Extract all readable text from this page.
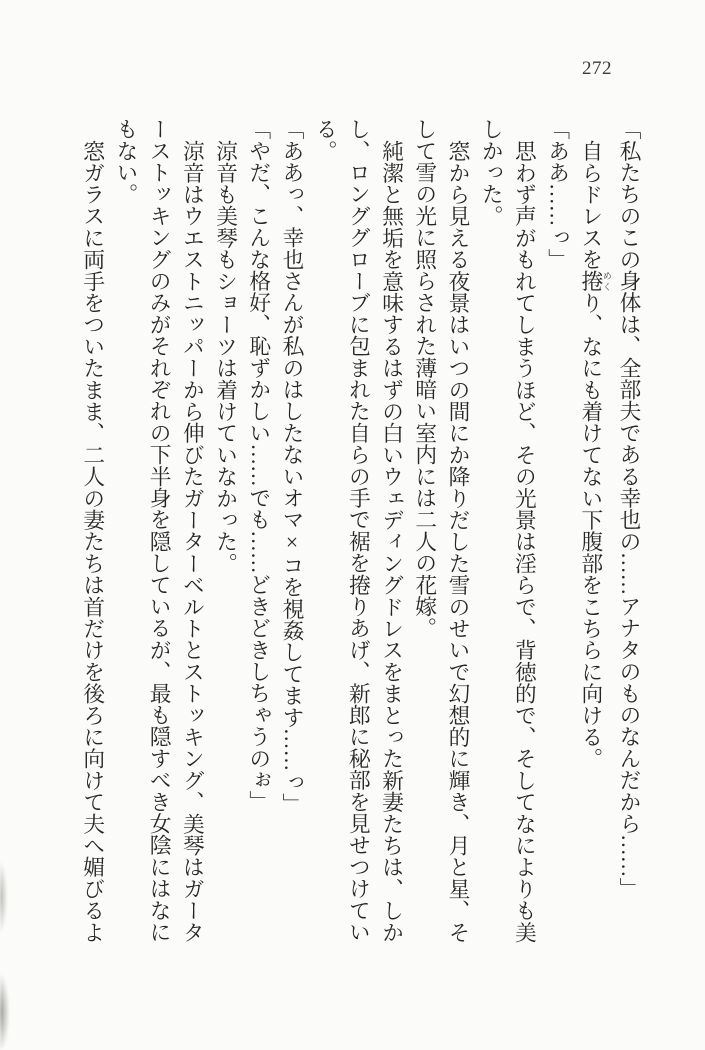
272
「私たちのこの身体は、全部夫である幸也の……アナタのものなんだから……」
自らドレスを捲 めくり、なにも着けてない下腹部をこちらに向ける。
「ああ……っ」
思わず声がもれてしまうほど、その光景は淫らで、背徳的で、そしてなによりも美
しかった。
窓から見える夜景はいつの間にか降りだした雪のせいで幻想的に輝き、月と星、そ
して雪の光に照らされた薄暗い室内には二人の花嫁。
純潔と無垢を意味するはずの白いウェディングドレスをまとった新妻たちは、しか
し、ロンググローブに包まれた自らの手で裾を捲りあげ、新郎に秘部を見せつけてい
る。
「ああっ、幸也さんが私のはしたないオマ×コを視姦してます……っ」
「やだ、こんな格好、恥ずかしい……でも……どきどきしちゃうのぉ」
涼音も美琴もショーツは着けていなかった。
涼音はウエストニッパーから伸びたガーターベルトとストッキング、美琴はガータ
ーストッキングのみがそれぞれの下半身を隠しているが、最も隠すべき女陰にはなに
もない。
窓ガラスに両手をついたまま、二人の妻たちは首だけを後ろに向けて夫へ媚びるよ
